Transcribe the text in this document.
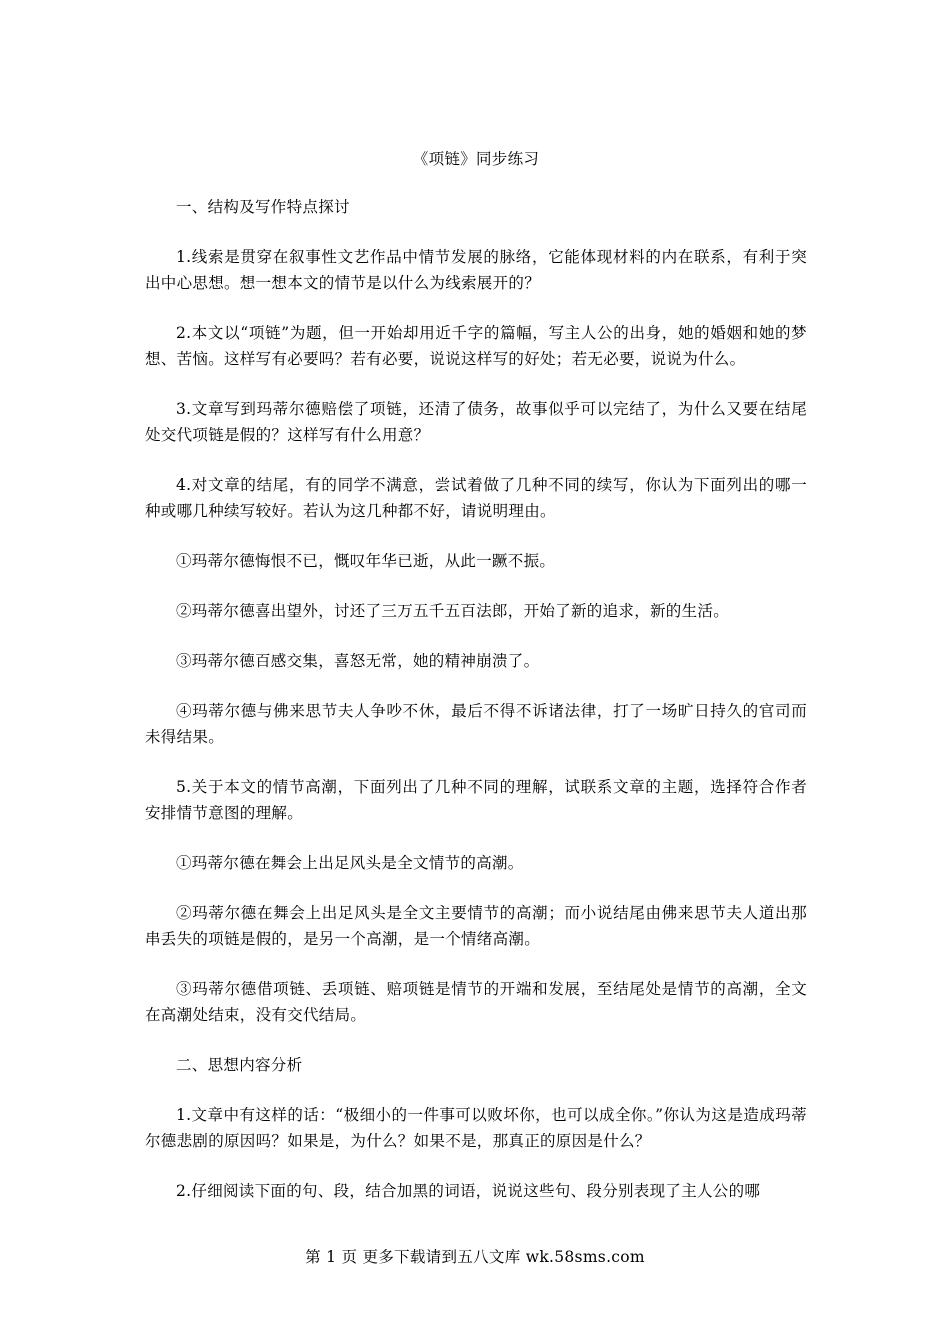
《项链》同步练习

一、结构及写作特点探讨

1.线索是贯穿在叙事性文艺作品中情节发展的脉络，它能体现材料的内在联系，有利于突出中心思想。想一想本文的情节是以什么为线索展开的？

2.本文以“项链”为题，但一开始却用近千字的篇幅，写主人公的出身，她的婚姻和她的梦想、苦恼。这样写有必要吗？若有必要，说说这样写的好处；若无必要，说说为什么。

3.文章写到玛蒂尔德赔偿了项链，还清了债务，故事似乎可以完结了，为什么又要在结尾处交代项链是假的？这样写有什么用意？

4.对文章的结尾，有的同学不满意，尝试着做了几种不同的续写，你认为下面列出的哪一种或哪几种续写较好。若认为这几种都不好，请说明理由。

①玛蒂尔德悔恨不已，慨叹年华已逝，从此一蹶不振。

②玛蒂尔德喜出望外，讨还了三万五千五百法郎，开始了新的追求，新的生活。

③玛蒂尔德百感交集，喜怒无常，她的精神崩溃了。

④玛蒂尔德与佛来思节夫人争吵不休，最后不得不诉诸法律，打了一场旷日持久的官司而未得结果。

5.关于本文的情节高潮，下面列出了几种不同的理解，试联系文章的主题，选择符合作者安排情节意图的理解。

①玛蒂尔德在舞会上出足风头是全文情节的高潮。

②玛蒂尔德在舞会上出足风头是全文主要情节的高潮；而小说结尾由佛来思节夫人道出那串丢失的项链是假的，是另一个高潮，是一个情绪高潮。

③玛蒂尔德借项链、丢项链、赔项链是情节的开端和发展，至结尾处是情节的高潮，全文在高潮处结束，没有交代结局。

二、思想内容分析

1.文章中有这样的话：“极细小的一件事可以败坏你，也可以成全你。”你认为这是造成玛蒂尔德悲剧的原因吗？如果是，为什么？如果不是，那真正的原因是什么？

2.仔细阅读下面的句、段，结合加黑的词语，说说这些句、段分别表现了主人公的哪

第 1 页 更多下载请到五八文库 wk.58sms.com
